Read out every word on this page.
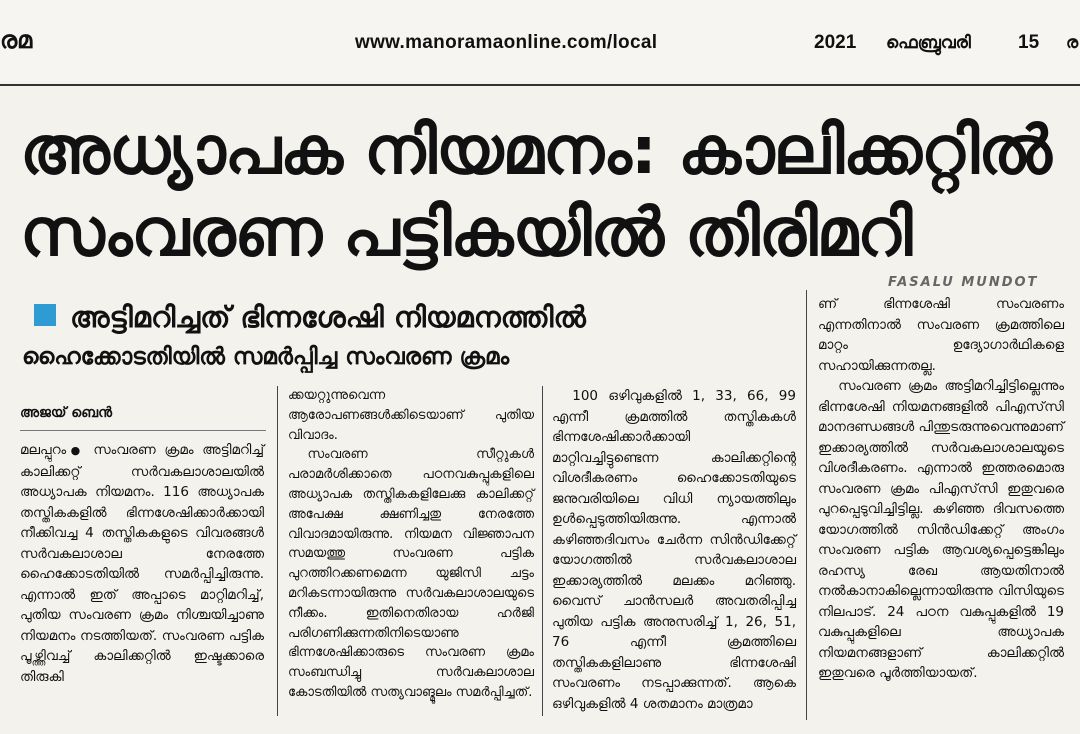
രമ	www.manoramaonline.com/local	2021 ഫെബ്രുവരി 15 ര
അധ്യാപക നിയമനം: കാലിക്കറ്റിൽ
സംവരണ പട്ടികയിൽ തിരിമറി
FASALU MUNDOT
അട്ടിമറിച്ചത് ഭിന്നശേഷി നിയമനത്തിൽ
ഹൈക്കോടതിയിൽ സമർപ്പിച്ച സംവരണ ക്രമം
അജയ് ബെൻ

മലപ്പുറം● സംവരണ ക്രമം അട്ടിമറിച്ച് കാലിക്കറ്റ് സർവകലാശാലയിൽ അധ്യാപക നിയമനം. 116 അധ്യാപക തസ്തികകളിൽ ഭിന്നശേഷിക്കാർക്കായി നീക്കിവച്ച 4 തസ്തികകളുടെ വിവരങ്ങൾ സർവകലാശാല നേരത്തേ ഹൈക്കോടതിയിൽ സമർപ്പിച്ചിരുന്നു. എന്നാൽ ഇത് അപ്പാടെ മാറ്റിമറിച്ച്, പുതിയ സംവരണ ക്രമം നിശ്ചയിച്ചാണു നിയമനം നടത്തിയത്. സംവരണ പട്ടിക പൂഴ്ത്തിവച്ച് കാലിക്കറ്റിൽ ഇഷ്ടക്കാരെ തിരുകി

ക്കയറ്റുന്നുവെന്ന ആരോപണങ്ങൾക്കിടെയാണ് പുതിയ വിവാദം.

സംവരണ സീറ്റുകൾ പരാമർശിക്കാതെ പഠനവകുപ്പുകളിലെ അധ്യാപക തസ്തികകളിലേക്കു കാലിക്കറ്റ് അപേക്ഷ ക്ഷണിച്ചതു നേരത്തേ വിവാദമായിരുന്നു. നിയമന വിജ്ഞാപന സമയത്തു സംവരണ പട്ടിക പുറത്തിറക്കണമെന്ന യുജിസി ചട്ടം മറികടന്നായിരുന്നു സർവകലാശാലയുടെ നീക്കം. ഇതിനെതിരായ ഹർജി പരിഗണിക്കുന്നതിനിടെയാണു ഭിന്നശേഷിക്കാരുടെ സംവരണ ക്രമം സംബന്ധിച്ചു സർവകലാശാല കോടതിയിൽ സത്യവാങ്മൂലം സമർപ്പിച്ചത്.

100 ഒഴിവുകളിൽ 1, 33, 66, 99 എന്നീ ക്രമത്തിൽ തസ്തികകൾ ഭിന്നശേഷിക്കാർക്കായി മാറ്റിവച്ചിട്ടുണ്ടെന്ന കാലിക്കറ്റിന്റെ വിശദീകരണം ഹൈക്കോടതിയുടെ ജനുവരിയിലെ വിധി ന്യായത്തിലും ഉൾപ്പെടുത്തിയിരുന്നു. എന്നാൽ കഴിഞ്ഞദിവസം ചേർന്ന സിൻഡിക്കേറ്റ് യോഗത്തിൽ സർവകലാശാല ഇക്കാര്യത്തിൽ മലക്കം മറിഞ്ഞു. വൈസ് ചാൻസലർ അവതരിപ്പിച്ച പുതിയ പട്ടിക അനുസരിച്ച് 1, 26, 51, 76 എന്നീ ക്രമത്തിലെ തസ്തികകളിലാണു ഭിന്നശേഷി സംവരണം നടപ്പാക്കുന്നത്. ആകെ ഒഴിവുകളിൽ 4 ശതമാനം മാത്രമാ

ണ് ഭിന്നശേഷി സംവരണം എന്നതിനാൽ സംവരണ ക്രമത്തിലെ മാറ്റം ഉദ്യോഗാർഥികളെ സഹായിക്കുന്നതല്ല.

സംവരണ ക്രമം അട്ടിമറിച്ചിട്ടില്ലെന്നും ഭിന്നശേഷി നിയമനങ്ങളിൽ പിഎസ്‌സി മാനദണ്ഡങ്ങൾ പിന്തുടരുന്നുവെന്നുമാണ് ഇക്കാര്യത്തിൽ സർവകലാശാലയുടെ വിശദീകരണം. എന്നാൽ ഇത്തരമൊരു സംവരണ ക്രമം പിഎസ്‌സി ഇതുവരെ പുറപ്പെടുവിച്ചിട്ടില്ല. കഴിഞ്ഞ ദിവസത്തെ യോഗത്തിൽ സിൻഡിക്കേറ്റ് അംഗം സംവരണ പട്ടിക ആവശ്യപ്പെട്ടെങ്കിലും രഹസ്യ രേഖ ആയതിനാൽ നൽകാനാകില്ലെന്നായിരുന്നു വിസിയുടെ നിലപാട്. 24 പഠന വകുപ്പുകളിൽ 19 വകുപ്പുകളിലെ അധ്യാപക നിയമനങ്ങളാണ് കാലിക്കറ്റിൽ ഇതുവരെ പൂർത്തിയായത്.
